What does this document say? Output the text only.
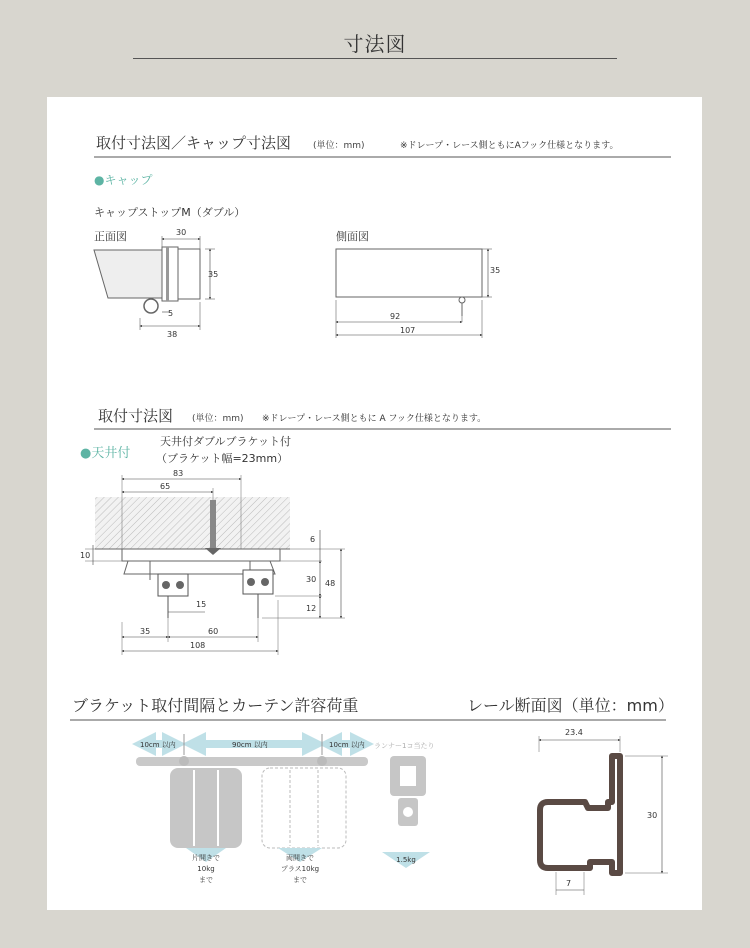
寸法図
取付寸法図／キャップ寸法図 (単位：mm)	※ドレープ・レース側ともにAフック仕様となります。
●キャップ
キャップストップM（ダブル）
正面図	側面図
30
35
5
38
35
92
107
取付寸法図 (単位：mm) ※ドレープ・レース側ともに A フック仕様となります。
●天井付
天井付ダブルブラケット付
（ブラケット幅=23mm）
83
65
10
6
30 48
15	12
35	60
108
ブラケット取付間隔とカーテン許容荷重
10cm 以内	90cm 以内	10cm 以内 ランナー1コ当たり
片開きで
10kg
まで
両開きで
プラス10kg
まで
1.5kg
レール断面図（単位：mm）
23.4
30
7
